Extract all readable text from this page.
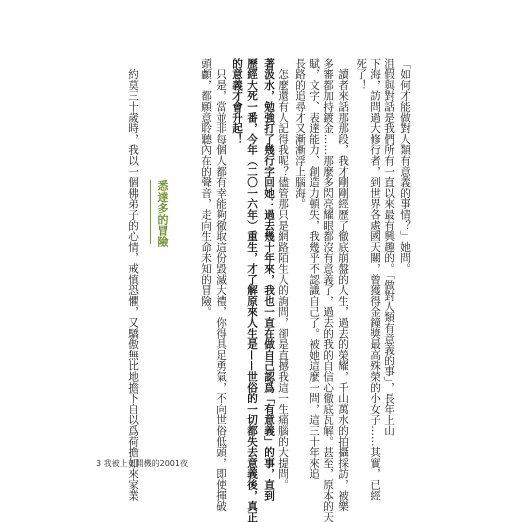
「如何才能做對人類有意義的事情？」她問。
沮假與對話是我們所有一直以來最有興趣的。「做對人類有意義的事」，長年上山
下海，訪問過大修行者，到世界各處國天關，曾獲得金鐘獎最高殊榮的小女子……其實，已經
死了！
　讀者來話那那段，我才剛剛經歷了徹底崩盤的人生，過去的榮耀，千山萬水的拍攝採訪，被樂
多審都加持鍍金……那麼多閃亮耀眼都沒有意義了，過去的我的自信心徹底瓦解。甚至，原本的天
賦，文字、表達能力、創造力頓失，我幾乎不認識自己了。被她這麼一問，這三十年來追
長路的追尋才又漸漸浮上腦海。
　怎麼還有人記得我呢？儘管那只是網路陌生人的詢問，卻是直撼我這一生痛腦的大提問。
著汲水，勉強打了幾行字回她：過去幾十年來，我也一直在做自己認爲「有意義」的事，直到
歷經大死一番，今年（二〇一六年）重生，才了解原來人生是——世俗的一切都失去意義後，真正
的意義才會升起！
　只是，當並非每個人都有幸能夠徹取這份毀滅大禮，你得具足勇氣，不向世俗低頭，即使揮破
頭顱，都願意聆聽內在的聲音，走向生命未知的冒險。
悉達多的冒險
　約莫三十歲時，我以一個佛弟子的心情，戒慎恐懼，又驕傲無比地擔下自以爲荷擔如來家業
3 我被上天開機的2001夜
